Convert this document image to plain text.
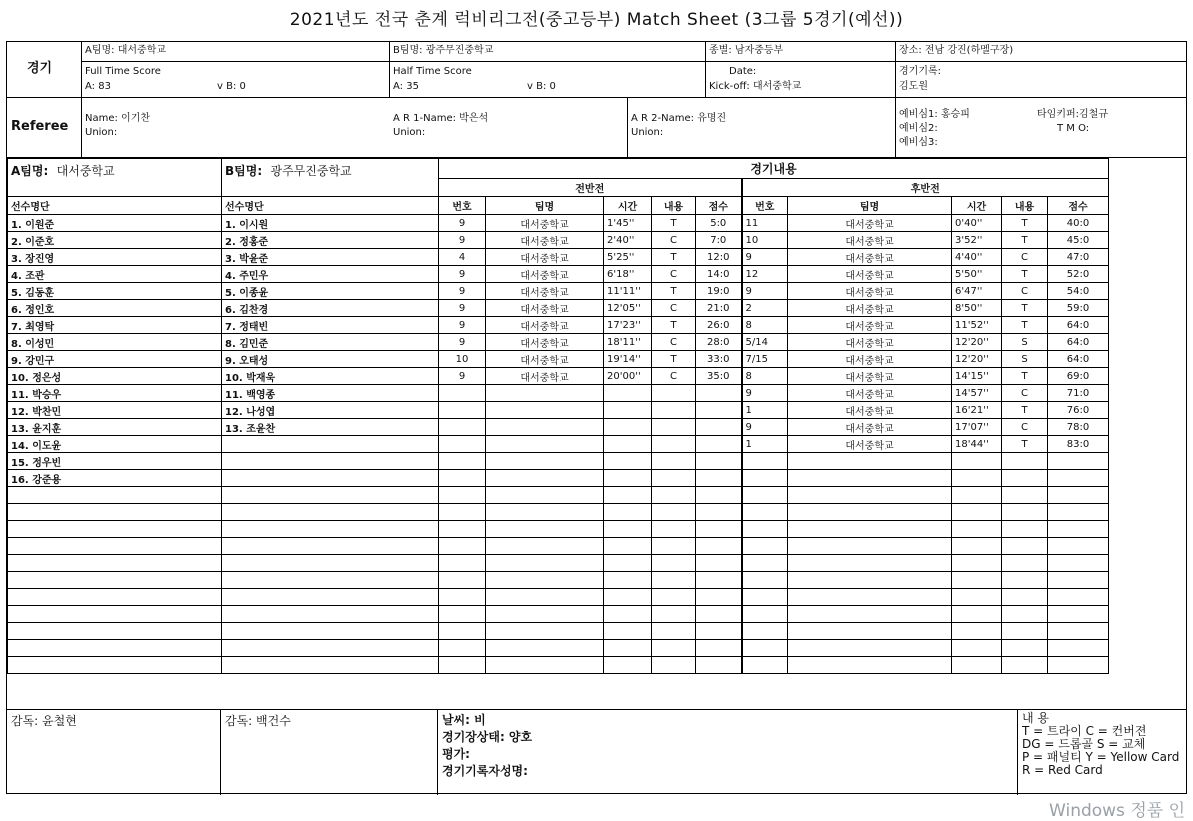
2021년도 전국 춘계 럭비리그전(중고등부) Match Sheet (3그룹 5경기(예선))
경기
A팀명: 대서중학교
Full Time Score
A: 83	v B: 0
B팀명: 광주무진중학교
Half Time Score
A: 35	v B: 0
종별: 남자중등부
Date:
Kick-off: 대서중학교
장소: 전남 강진(하멜구장)
경기기록:
김도원
Referee
Name: 이기찬
Union:
A R 1-Name: 박은석
Union:
A R 2-Name: 유명진
Union:
예비심1: 홍승피
예비심2:
예비심3:
타임키퍼:김철규
T M O:
A팀명: 대서중학교	B팀명: 광주무진중학교	경기내용									
		전반전					후반전				
선수명단	선수명단	번호	팀명	시간	내용	점수	번호	팀명	시간	내용	점수
1. 이원준	1. 이시원	9	대서중학교	1'45''	T	5:0	11	대서중학교	0'40''	T	40:0
2. 이준호	2. 정홍준	9	대서중학교	2'40''	C	7:0	10	대서중학교	3'52''	T	45:0
3. 장진영	3. 박윤준	4	대서중학교	5'25''	T	12:0	9	대서중학교	4'40''	C	47:0
4. 조관	4. 주민우	9	대서중학교	6'18''	C	14:0	12	대서중학교	5'50''	T	52:0
5. 김동훈	5. 이종윤	9	대서중학교	11'11''	T	19:0	9	대서중학교	6'47''	C	54:0
6. 정인호	6. 김찬경	9	대서중학교	12'05''	C	21:0	2	대서중학교	8'50''	T	59:0
7. 최영탁	7. 정태빈	9	대서중학교	17'23''	T	26:0	8	대서중학교	11'52''	T	64:0
8. 이성민	8. 김민준	9	대서중학교	18'11''	C	28:0	5/14	대서중학교	12'20''	S	64:0
9. 강민구	9. 오태성	10	대서중학교	19'14''	T	33:0	7/15	대서중학교	12'20''	S	64:0
10. 정은성	10. 박재욱	9	대서중학교	20'00''	C	35:0	8	대서중학교	14'15''	T	69:0
11. 박승우	11. 백영종						9	대서중학교	14'57''	C	71:0
12. 박찬민	12. 나성엽						1	대서중학교	16'21''	T	76:0
13. 윤지훈	13. 조윤찬						9	대서중학교	17'07''	C	78:0
14. 이도윤							1	대서중학교	18'44''	T	83:0
15. 정우빈											
16. 강준용											

감독: 윤철현	감독: 백건수	날씨: 비
경기장상태: 양호
평가:
경기기록자성명:
내 용
T = 트라이 C = 컨버젼
DG = 드롭골 S = 교체
P = 패널티 Y = Yellow Card
R = Red Card
Windows 정품 인
